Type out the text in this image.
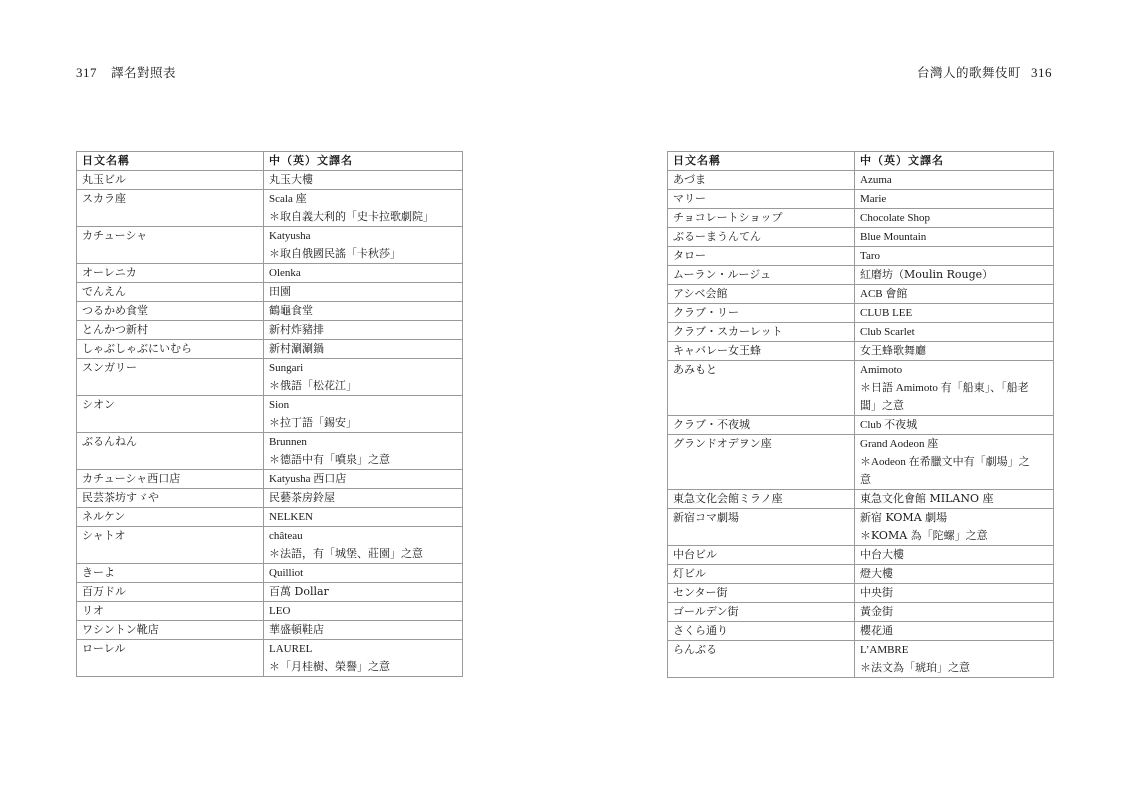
317 譯名對照表
日文名稱	中（英）文譯名
丸玉ビル	丸玉大樓

スカラ座	Scala 座
＊取自義大利的「史卡拉歌劇院」

カチューシャ	Katyusha
＊取自俄國民謠「卡秋莎」

オーレニカ	Olenka

でんえん	田園

つるかめ食堂	鶴龜食堂

とんかつ新村	新村炸豬排

しゃぶしゃぶにいむら	新村涮涮鍋

スンガリー	Sungari
＊俄語「松花江」

シオン	Sion
＊拉丁語「錫安」

ぶるんねん	Brunnen
＊德語中有「噴泉」之意

カチューシャ西口店	Katyusha 西口店

民芸茶坊すゞや	民藝茶房鈴屋

ネルケン	NELKEN

シャトオ	château
＊法語，有「城堡、莊園」之意

きーよ	Quilliot

百万ドル	百萬 Dollar

リオ	LEO

ワシントン靴店	華盛頓鞋店

ローレル	LAUREL
＊「月桂樹、榮譽」之意
台灣人的歌舞伎町 316
日文名稱	中（英）文譯名
あづま	Azuma

マリー	Marie

チョコレートショップ	Chocolate Shop

ぶるーまうんてん	Blue Mountain

タロー	Taro

ムーラン・ルージュ	紅磨坊（Moulin Rouge）

アシベ会館	ACB 會館

クラブ・リー	CLUB LEE

クラブ・スカーレット	Club Scarlet

キャバレー女王蜂	女王蜂歌舞廳

あみもと	Amimoto
＊日語 Amimoto 有「船東」、「船老
闆」之意

クラブ・不夜城	Club 不夜城

グランドオデヲン座	Grand Aodeon 座
＊Aodeon 在希臘文中有「劇場」之
意

東急文化会館ミラノ座	東急文化會館 MILANO 座

新宿コマ劇場	新宿 KOMA 劇場
＊KOMA 為「陀螺」之意

中台ビル	中台大樓

灯ビル	燈大樓

センター街	中央街

ゴールデン街	黃金街

さくら通り	櫻花通

らんぶる	L’AMBRE
＊法文為「琥珀」之意
